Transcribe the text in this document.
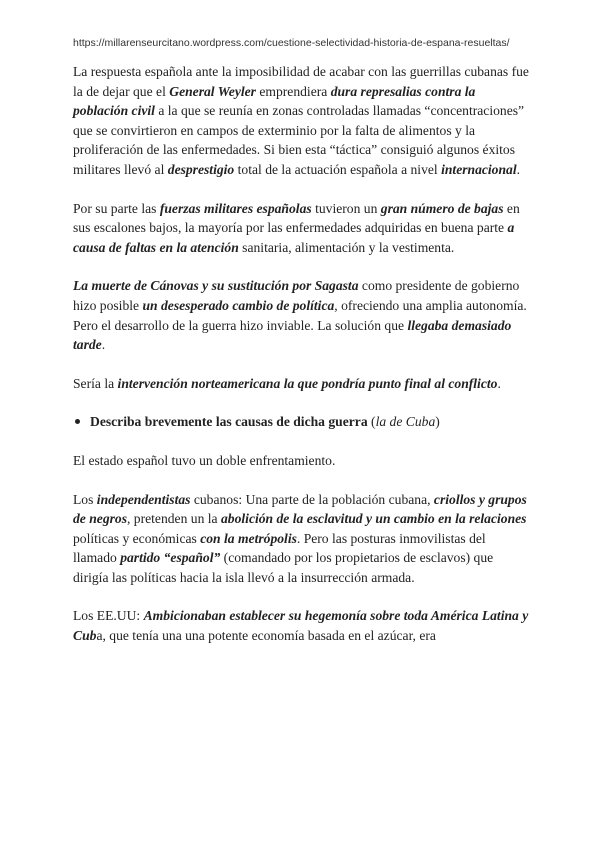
https://millarenseurcitano.wordpress.com/cuestione-selectividad-historia-de-espana-resueltas/

La respuesta española ante la imposibilidad de acabar con las guerrillas cubanas fue la de dejar que el General Weyler emprendiera dura represalias contra la población civil a la que se reunía en zonas controladas llamadas “concentraciones” que se convirtieron en campos de exterminio por la falta de alimentos y la proliferación de las enfermedades. Si bien esta “táctica” consiguió algunos éxitos militares llevó al desprestigio total de la actuación española a nivel internacional.

Por su parte las fuerzas militares españolas tuvieron un gran número de bajas en sus escalones bajos, la mayoría por las enfermedades adquiridas en buena parte a causa de faltas en la atención sanitaria, alimentación y la vestimenta.

La muerte de Cánovas y su sustitución por Sagasta como presidente de gobierno hizo posible un desesperado cambio de política, ofreciendo una amplia autonomía. Pero el desarrollo de la guerra hizo inviable. La solución que llegaba demasiado tarde.

Sería la intervención norteamericana la que pondría punto final al conflicto.

Describa brevemente las causas de dicha guerra (la de Cuba)

El estado español tuvo un doble enfrentamiento.

Los independentistas cubanos: Una parte de la población cubana, criollos y grupos de negros, pretenden un la abolición de la esclavitud y un cambio en la relaciones políticas y económicas con la metrópolis. Pero las posturas inmovilistas del llamado partido “español” (comandado por los propietarios de esclavos) que dirigía las políticas hacia la isla llevó a la insurrección armada.

Los EE.UU: Ambicionaban establecer su hegemonía sobre toda América Latina y Cuba, que tenía una una potente economía basada en el azúcar, era
